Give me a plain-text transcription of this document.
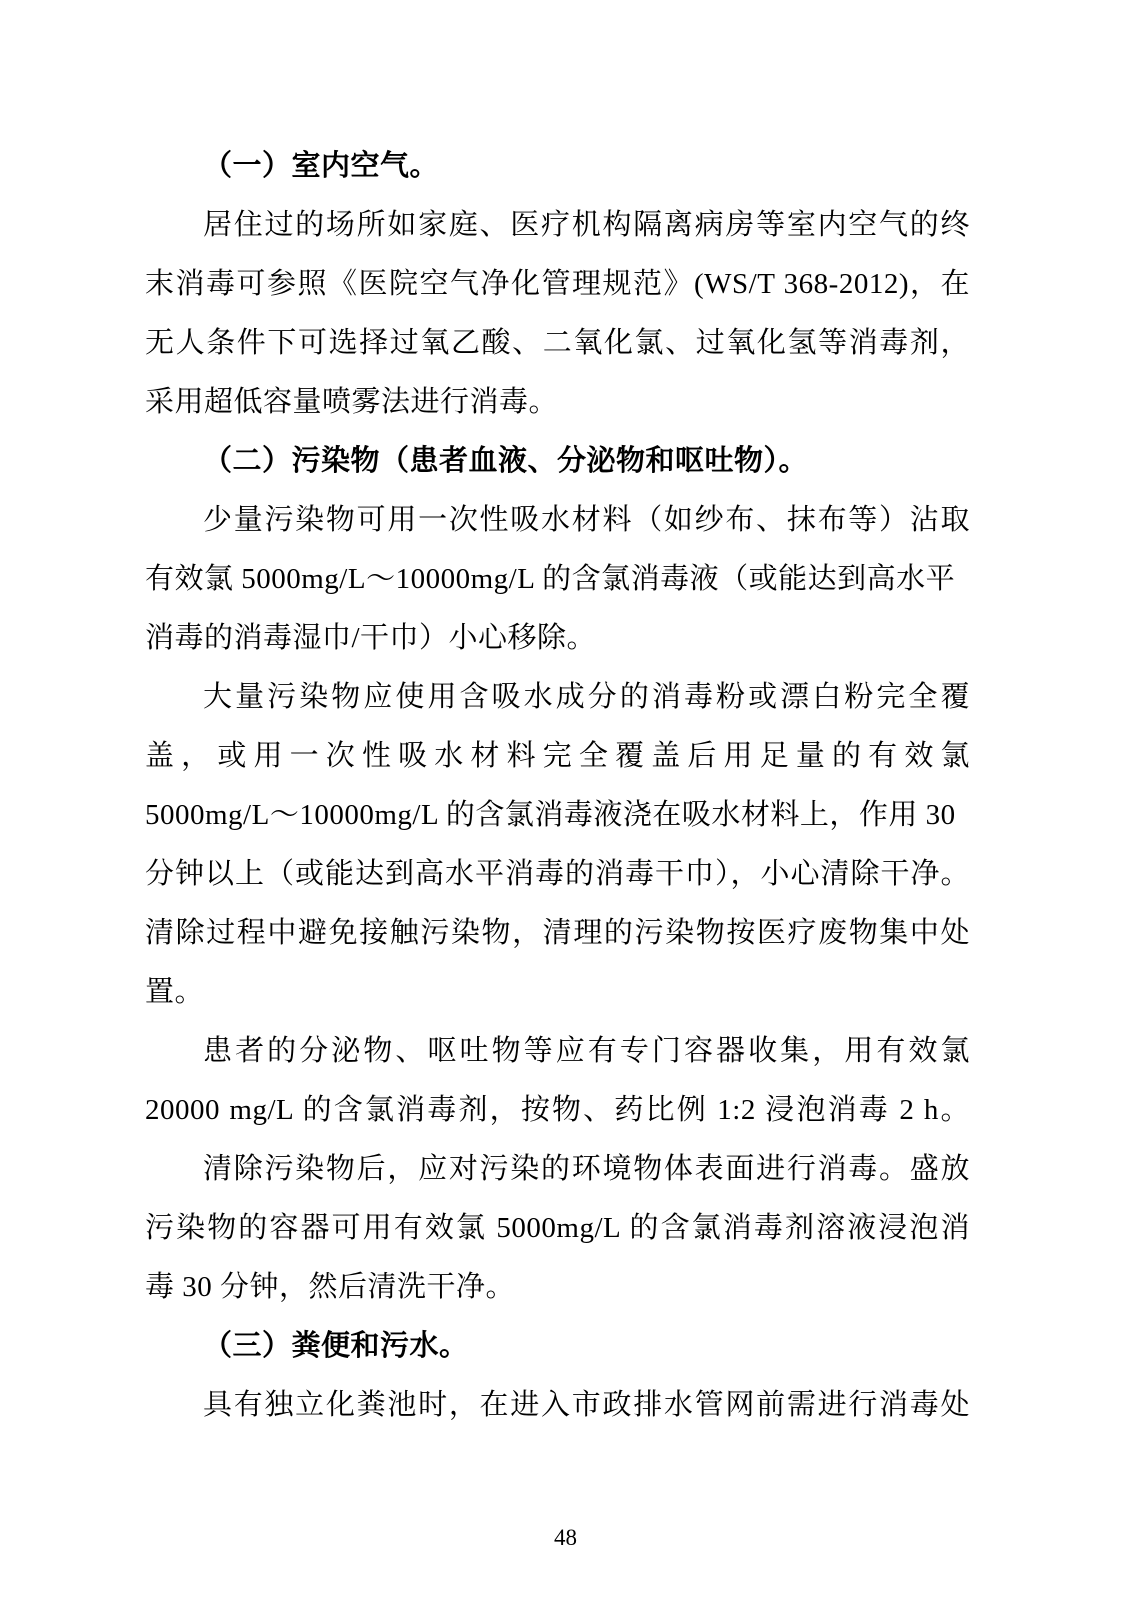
（一）室内空气。
居住过的场所如家庭、医疗机构隔离病房等室内空气的终
末消毒可参照《医院空气净化管理规范》(WS/T 368-2012)，在
无人条件下可选择过氧乙酸、二氧化氯、过氧化氢等消毒剂，
采用超低容量喷雾法进行消毒。
（二）污染物（患者血液、分泌物和呕吐物）。
少量污染物可用一次性吸水材料（如纱布、抹布等）沾取
有效氯 5000mg/L～10000mg/L 的含氯消毒液（或能达到高水平
消毒的消毒湿巾/干巾）小心移除。
大量污染物应使用含吸水成分的消毒粉或漂白粉完全覆
盖，或用一次性吸水材料完全覆盖后用足量的有效氯
5000mg/L～10000mg/L 的含氯消毒液浇在吸水材料上，作用 30
分钟以上（或能达到高水平消毒的消毒干巾），小心清除干净。
清除过程中避免接触污染物，清理的污染物按医疗废物集中处
置。
患者的分泌物、呕吐物等应有专门容器收集，用有效氯
20000 mg/L 的含氯消毒剂，按物、药比例 1:2 浸泡消毒 2 h。
清除污染物后，应对污染的环境物体表面进行消毒。盛放
污染物的容器可用有效氯 5000mg/L 的含氯消毒剂溶液浸泡消
毒 30 分钟，然后清洗干净。
（三）粪便和污水。
具有独立化粪池时，在进入市政排水管网前需进行消毒处
48
